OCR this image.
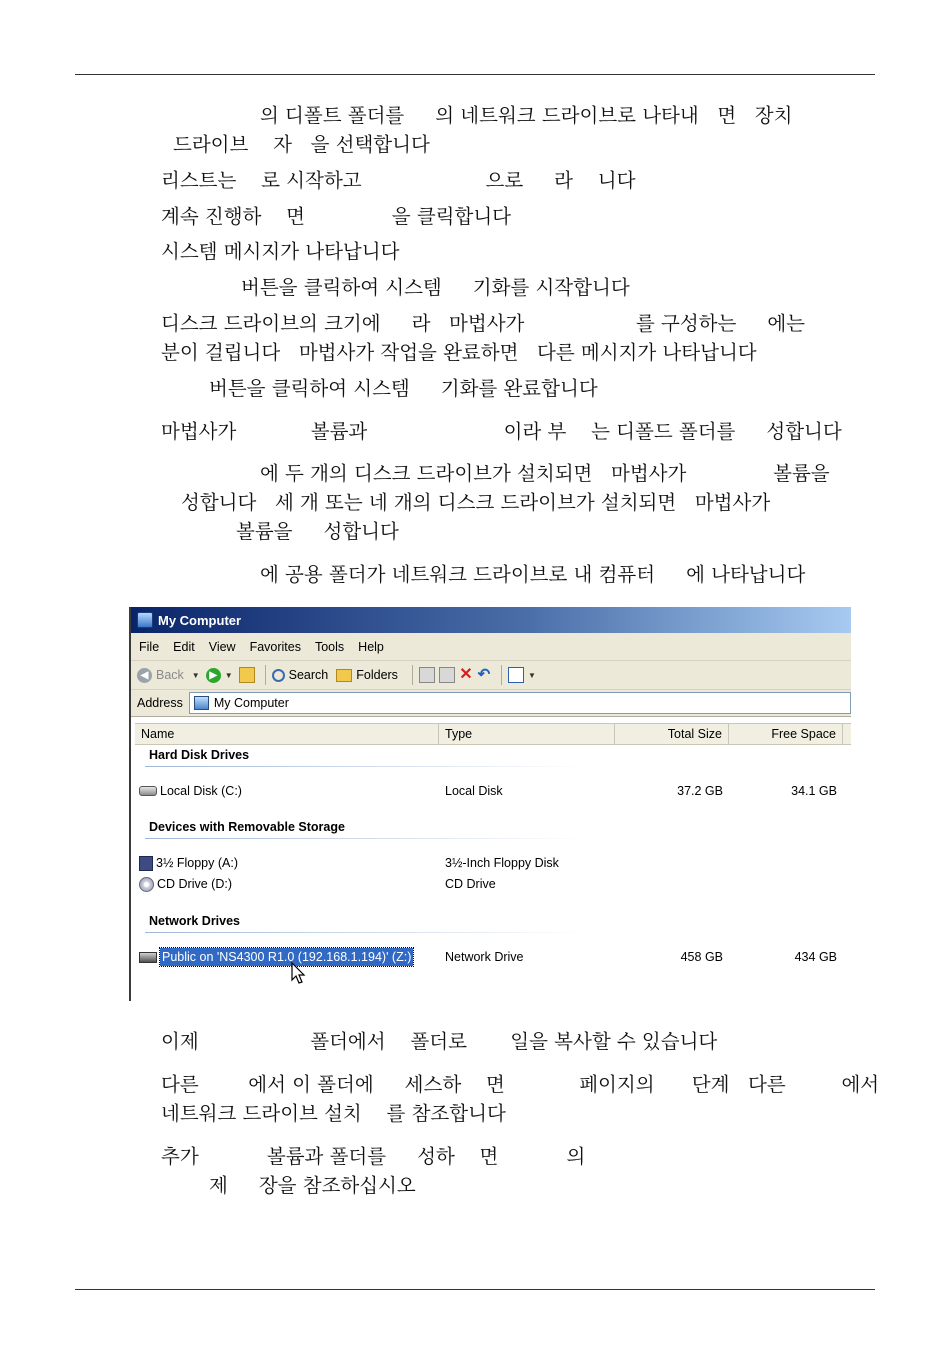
의 디폴트 폴더를     의 네트워크 드라이브로 나타내   면   장치
드라이브    자   을 선택합니다
리스트는    로 시작하고                    으로     라    니다
계속 진행하    면              을 클릭합니다
시스템 메시지가 나타납니다
버튼을 클릭하여 시스템     기화를 시작합니다
디스크 드라이브의 크기에     라   마법사가                  를 구성하는     에는
분이 걸립니다   마법사가 작업을 완료하면   다른 메시지가 나타납니다
버튼을 클릭하여 시스템     기화를 완료합니다
마법사가            볼륨과                      이라 부    는 디폴드 폴더를     성합니다
에 두 개의 디스크 드라이브가 설치되면   마법사가              볼륨을
성합니다   세 개 또는 네 개의 디스크 드라이브가 설치되면   마법사가
볼륨을     성합니다
에 공용 폴더가 네트워크 드라이브로 내 컴퓨터     에 나타납니다
My Computer
File Edit View Favorites Tools Help
◀ Back ▼ ▶ ▼	Search Folders	✕ ↶	▼
Address My Computer
Name	Type	Total Size	Free Space
Hard Disk Drives
Local Disk (C:)	Local Disk	37.2 GB	34.1 GB
Devices with Removable Storage
3½ Floppy (A:)	3½-Inch Floppy Disk
CD Drive (D:)	CD Drive
Network Drives
Public on 'NS4300 R1.0 (192.168.1.194)' (Z:)	Network Drive	458 GB	434 GB
이제                  폴더에서    폴더로       일을 복사할 수 있습니다
다른        에서 이 폴더에     세스하    면            페이지의      단계   다른         에서
네트워크 드라이브 설치    를 참조합니다
추가           볼륨과 폴더를     성하    면           의
제     장을 참조하십시오
